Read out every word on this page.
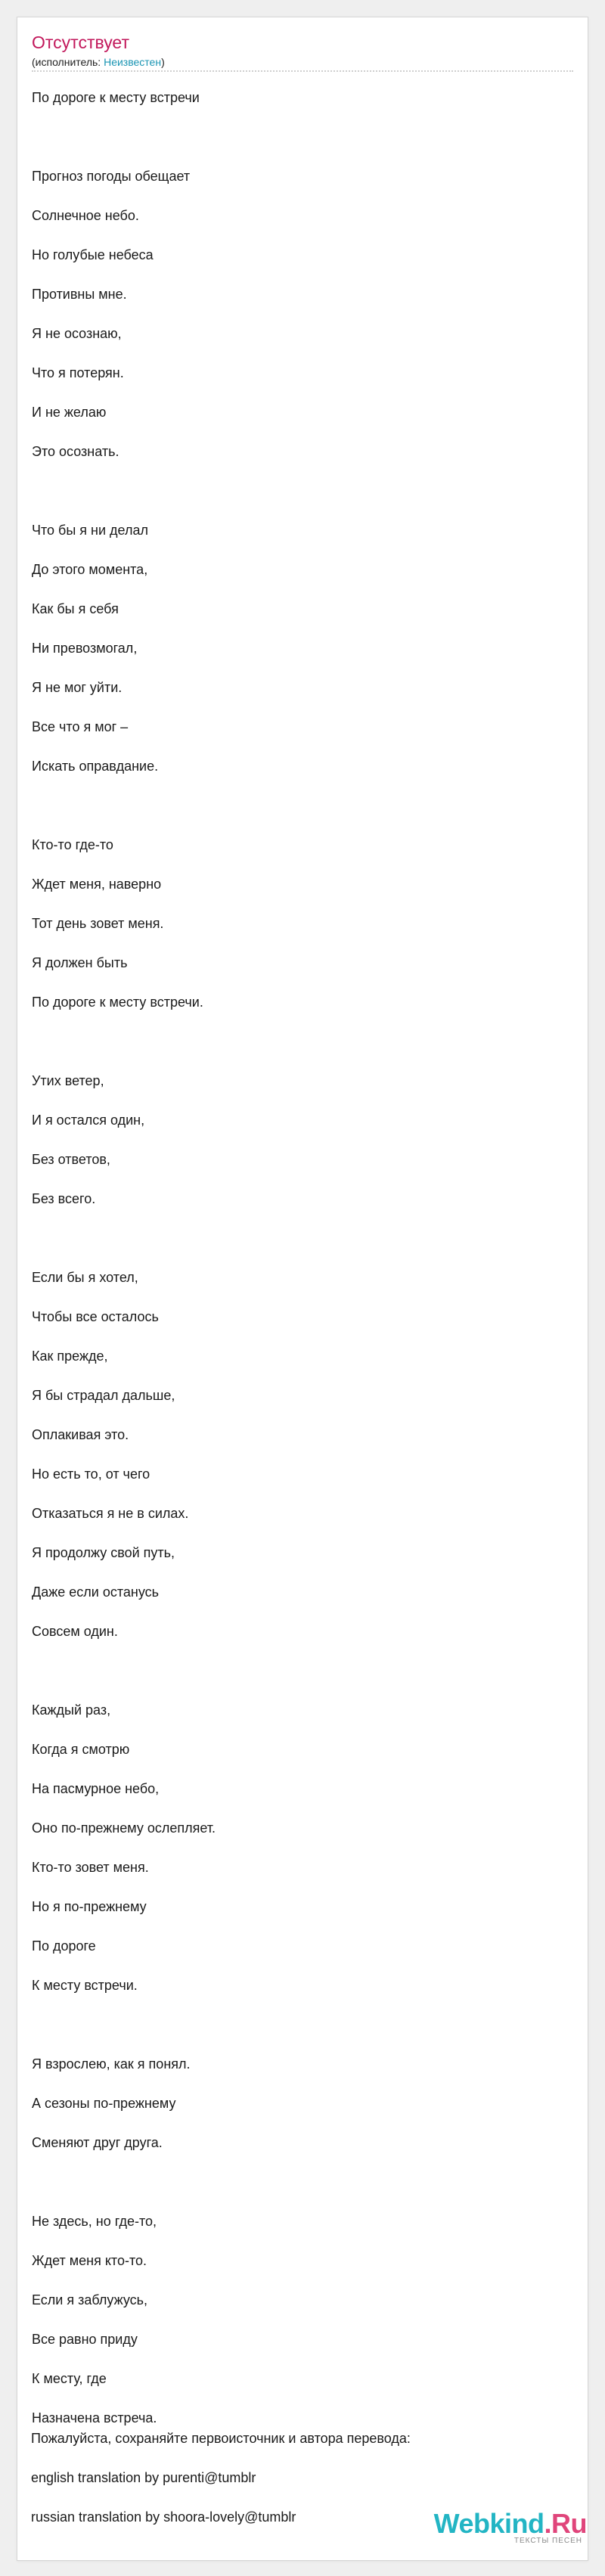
Отсутствует
(исполнитель: Неизвестен)
По дороге к месту встречи

Прогноз погоды обещает
Солнечное небо.
Но голубые небеса
Противны мне.
Я не осознаю,
Что я потерян.
И не желаю
Это осознать.

Что бы я ни делал
До этого момента,
Как бы я себя
Ни превозмогал,
Я не мог уйти.
Все что я мог –
Искать оправдание.

Кто-то где-то
Ждет меня, наверно
Тот день зовет меня.
Я должен быть
По дороге к месту встречи.

Утих ветер,
И я остался один,
Без ответов,
Без всего.

Если бы я хотел,
Чтобы все осталось
Как прежде,
Я бы страдал дальше,
Оплакивая это.
Но есть то, от чего
Отказаться я не в силах.
Я продолжу свой путь,
Даже если останусь
Совсем один.

Каждый раз,
Когда я смотрю
На пасмурное небо,
Оно по-прежнему ослепляет.
Кто-то зовет меня.
Но я по-прежнему
По дороге
К месту встречи.

Я взрослею, как я понял.
А сезоны по-прежнему
Сменяют друг друга.

Не здесь, но где-то,
Ждет меня кто-то.
Если я заблужусь,
Все равно приду
К месту, где
Назначена встреча.
Пожалуйста, сохраняйте первоисточник и автора перевода:
english translation by purenti@tumblr
russian translation by shoora-lovely@tumblr	Webkind.Ru
ТЕКСТЫ ПЕСЕН
